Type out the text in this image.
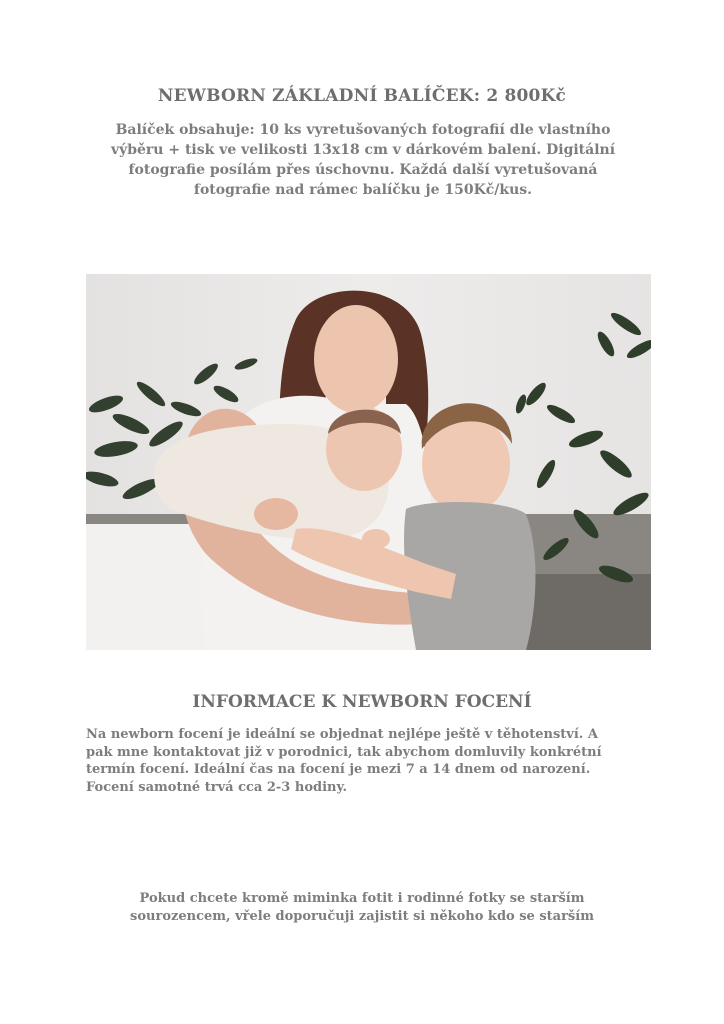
NEWBORN ZÁKLADNÍ BALÍČEK: 2 800Kč
Balíček obsahuje: 10 ks vyretušovaných fotografií dle vlastního
výběru + tisk ve velikosti 13x18 cm v dárkovém balení. Digitální
fotografie posílám přes úschovnu. Každá další vyretušovaná
fotografie nad rámec balíčku je 150Kč/kus.
INFORMACE K NEWBORN FOCENÍ

Na newborn focení je ideální se objednat nejlépe ještě v těhotenství. A

pak mne kontaktovat již v porodnici, tak abychom domluvily konkrétní

termín focení. Ideální čas na focení je mezi 7 a 14 dnem od narození.

Focení samotné trvá cca 2-3 hodiny.

Pokud chcete kromě miminka fotit i rodinné fotky se starším

sourozencem, vřele doporučuji zajistit si někoho kdo se starším
